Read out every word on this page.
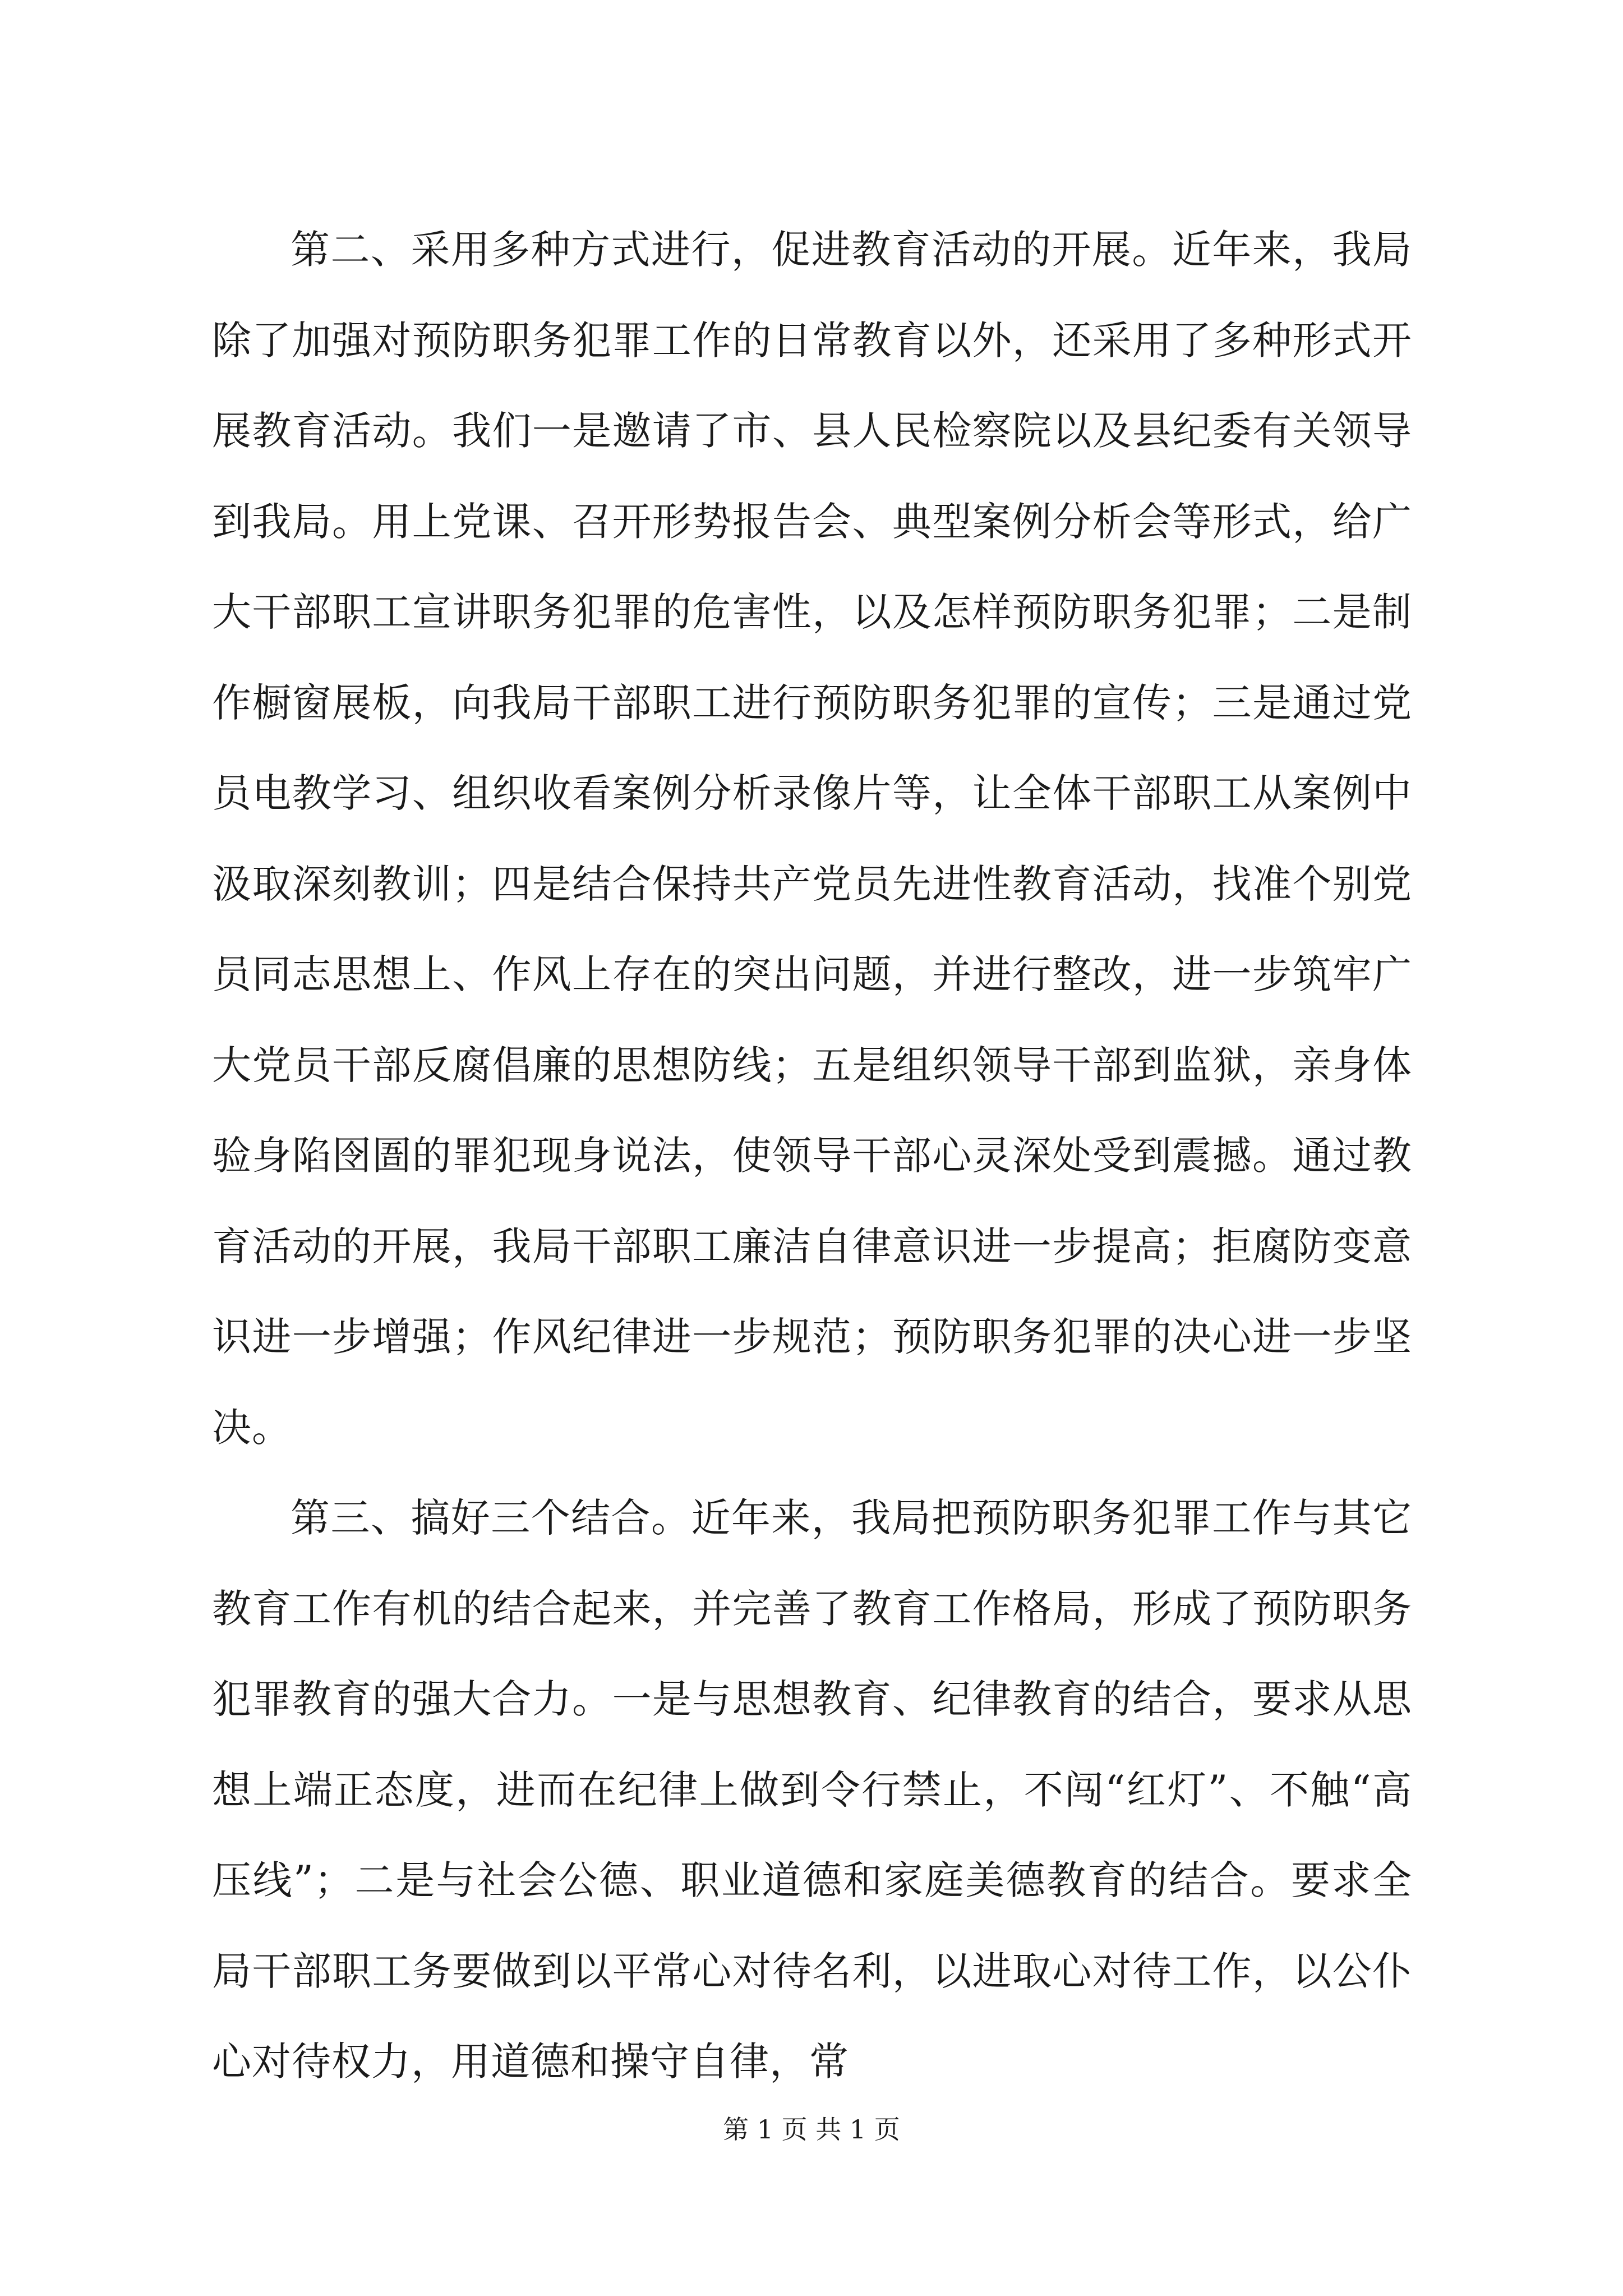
第二、采用多种方式进行，促进教育活动的开展。近年来，我局除了加强对预防职务犯罪工作的日常教育以外，还采用了多种形式开展教育活动。我们一是邀请了市、县人民检察院以及县纪委有关领导到我局。用上党课、召开形势报告会、典型案例分析会等形式，给广大干部职工宣讲职务犯罪的危害性，以及怎样预防职务犯罪；二是制作橱窗展板，向我局干部职工进行预防职务犯罪的宣传；三是通过党员电教学习、组织收看案例分析录像片等，让全体干部职工从案例中汲取深刻教训；四是结合保持共产党员先进性教育活动，找准个别党员同志思想上、作风上存在的突出问题，并进行整改，进一步筑牢广大党员干部反腐倡廉的思想防线；五是组织领导干部到监狱，亲身体验身陷囹圄的罪犯现身说法，使领导干部心灵深处受到震撼。通过教育活动的开展，我局干部职工廉洁自律意识进一步提高；拒腐防变意识进一步增强；作风纪律进一步规范；预防职务犯罪的决心进一步坚决。

第三、搞好三个结合。近年来，我局把预防职务犯罪工作与其它教育工作有机的结合起来，并完善了教育工作格局，形成了预防职务犯罪教育的强大合力。一是与思想教育、纪律教育的结合，要求从思想上端正态度，进而在纪律上做到令行禁止，不闯“红灯”、不触“高压线”；二是与社会公德、职业道德和家庭美德教育的结合。要求全局干部职工务要做到以平常心对待名利，以进取心对待工作，以公仆心对待权力，用道德和操守自律，常

第 1 页 共 1 页
